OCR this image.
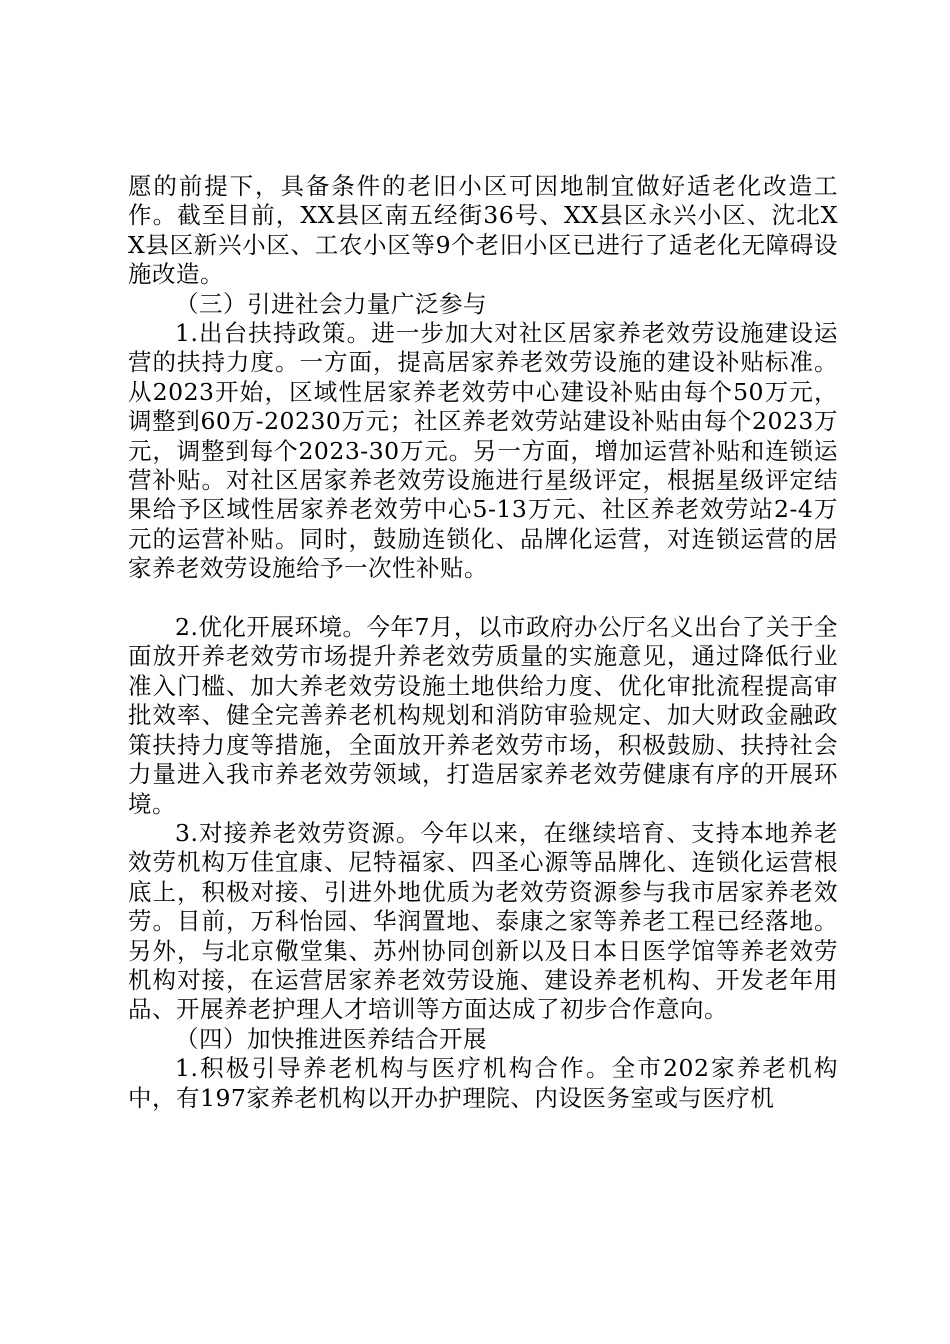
愿的前提下，具备条件的老旧小区可因地制宜做好适老化改造工作。截至目前，XX县区南五经街36号、XX县区永兴小区、沈北XX县区新兴小区、工农小区等9个老旧小区已进行了适老化无障碍设施改造。

（三）引进社会力量广泛参与

1.出台扶持政策。进一步加大对社区居家养老效劳设施建设运营的扶持力度。一方面，提高居家养老效劳设施的建设补贴标准。从2023开始，区域性居家养老效劳中心建设补贴由每个50万元，调整到60万-20230万元；社区养老效劳站建设补贴由每个2023万元，调整到每个2023-30万元。另一方面，增加运营补贴和连锁运营补贴。对社区居家养老效劳设施进行星级评定，根据星级评定结果给予区域性居家养老效劳中心5-13万元、社区养老效劳站2-4万元的运营补贴。同时，鼓励连锁化、品牌化运营，对连锁运营的居家养老效劳设施给予一次性补贴。

2.优化开展环境。今年7月，以市政府办公厅名义出台了关于全面放开养老效劳市场提升养老效劳质量的实施意见，通过降低行业准入门槛、加大养老效劳设施土地供给力度、优化审批流程提高审批效率、健全完善养老机构规划和消防审验规定、加大财政金融政策扶持力度等措施，全面放开养老效劳市场，积极鼓励、扶持社会力量进入我市养老效劳领域，打造居家养老效劳健康有序的开展环境。

3.对接养老效劳资源。今年以来，在继续培育、支持本地养老效劳机构万佳宜康、尼特福家、四圣心源等品牌化、连锁化运营根底上，积极对接、引进外地优质为老效劳资源参与我市居家养老效劳。目前，万科怡园、华润置地、泰康之家等养老工程已经落地。另外，与北京儆堂集、苏州协同创新以及日本日医学馆等养老效劳机构对接，在运营居家养老效劳设施、建设养老机构、开发老年用品、开展养老护理人才培训等方面达成了初步合作意向。

（四）加快推进医养结合开展

1.积极引导养老机构与医疗机构合作。全市202家养老机构中，有197家养老机构以开办护理院、内设医务室或与医疗机
